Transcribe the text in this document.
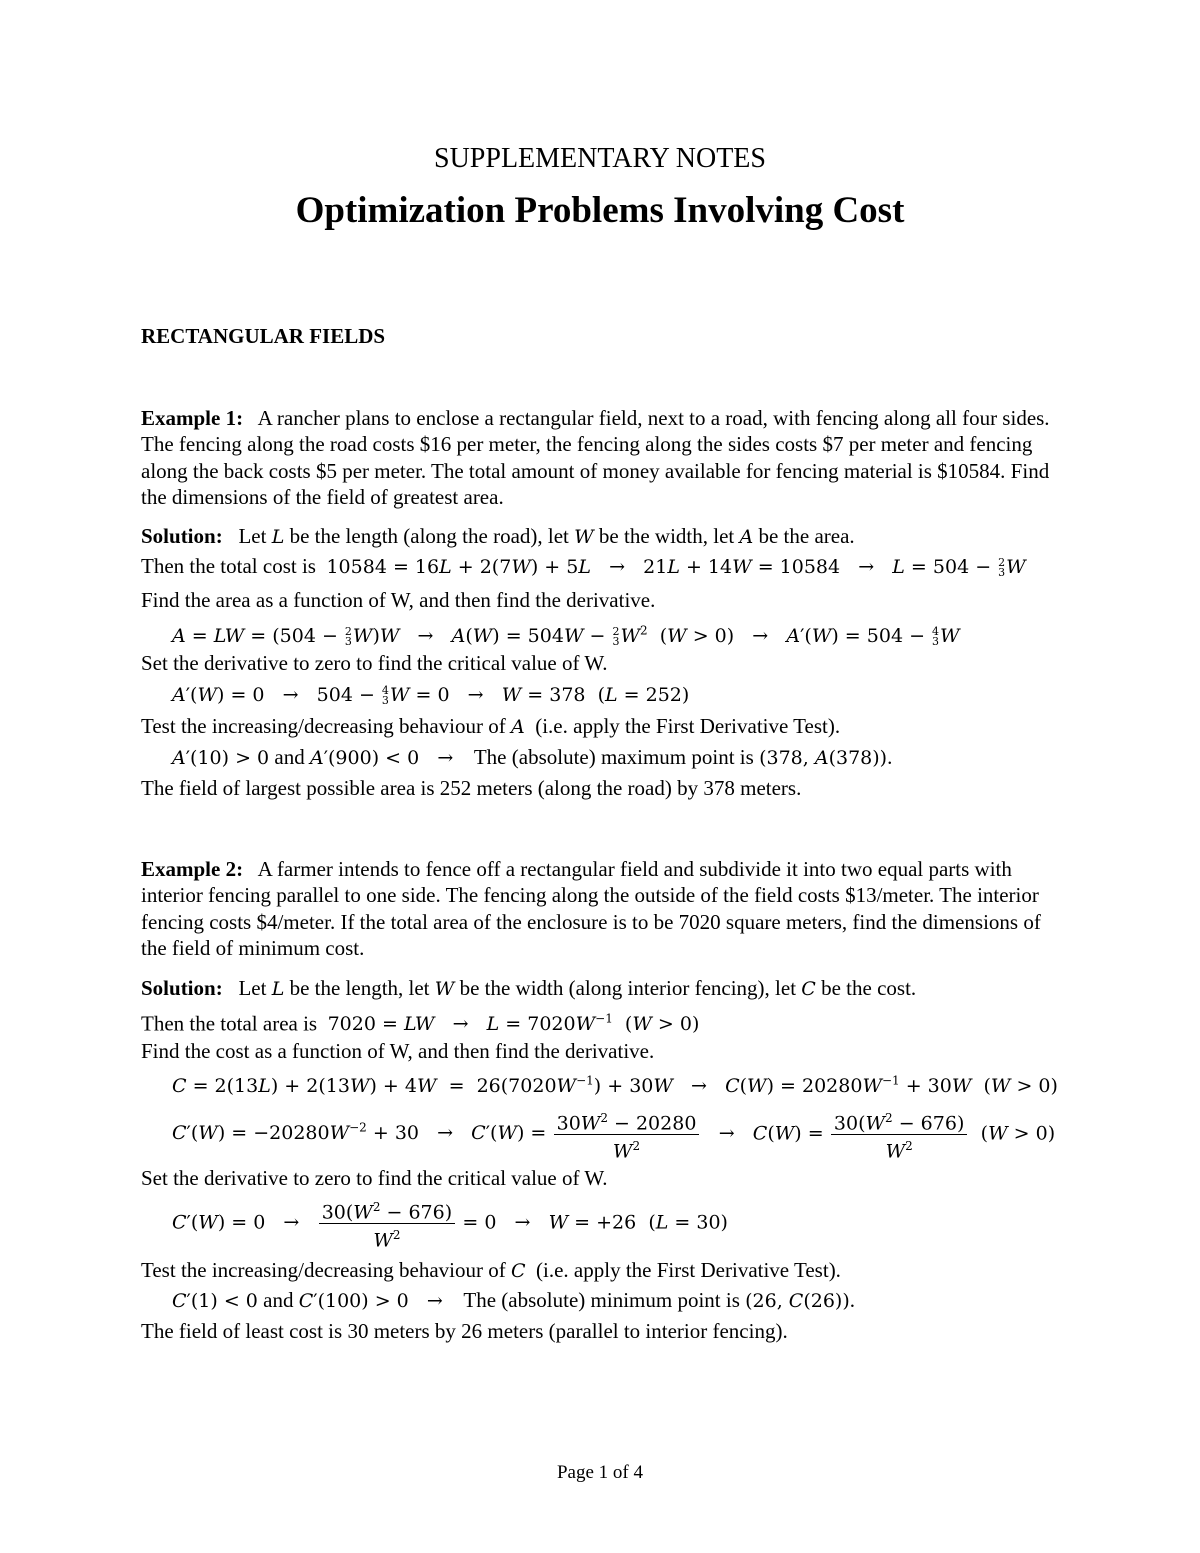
SUPPLEMENTARY NOTES
Optimization Problems Involving Cost
RECTANGULAR FIELDS
Example 1: A rancher plans to enclose a rectangular field, next to a road, with fencing along all four sides. The fencing along the road costs $16 per meter, the fencing along the sides costs $7 per meter and fencing along the back costs $5 per meter. The total amount of money available for fencing material is $10584. Find the dimensions of the field of greatest area.
Solution: Let L be the length (along the road), let W be the width, let A be the area.
Then the total cost is 10584 = 16L + 2(7W) + 5L   →   21L + 14W = 10584   →   L = 504 − 2
3 W
Find the area as a function of W, and then find the derivative.
A = LW = (504 − 2
3 W)W   →   A(W) = 504W − 2
3 $W^2$  (W > 0)   →   A′(W) = 504 − 4
3 W
Set the derivative to zero to find the critical value of W.
A′(W) = 0   →   504 − 4
3 W = 0   →   W = 378  (L = 252)
Test the increasing/decreasing behaviour of A  (i.e. apply the First Derivative Test).
A′(10) > 0 and A′(900) < 0   →    The (absolute) maximum point is (378, A(378)).
The field of largest possible area is 252 meters (along the road) by 378 meters.
Example 2: A farmer intends to fence off a rectangular field and subdivide it into two equal parts with interior fencing parallel to one side. The fencing along the outside of the field costs $13/meter. The interior fencing costs $4/meter. If the total area of the enclosure is to be 7020 square meters, find the dimensions of the field of minimum cost.
Solution: Let L be the length, let W be the width (along interior fencing), let C be the cost.
Then the total area is 7020 = LW   →   $L = 7020W^{-1}$  (W > 0)
Find the cost as a function of W, and then find the derivative.
$C = 2(13L) + 2(13W) + 4W = 26(7020W^{-1}) + 30W \to C(W) = 20280W^{-1} + 30W$  (W > 0)
$C'(W) = -20280W^{-2} + 30 \to C'(W) = \frac{30W^2 - 20280}{W^2} \to C(W) = \frac{30(W^2 - 676)}{W^2} (W > 0)$
Set the derivative to zero to find the critical value of W.
$C'(W) = 0 \to \frac{30(W^2 - 676)}{W^2} = 0 \to W = +26$  (L = 30)
Test the increasing/decreasing behaviour of C  (i.e. apply the First Derivative Test).
C′(1) < 0 and C′(100) > 0   →    The (absolute) minimum point is (26, C(26)).
The field of least cost is 30 meters by 26 meters (parallel to interior fencing).
Page 1 of 4
